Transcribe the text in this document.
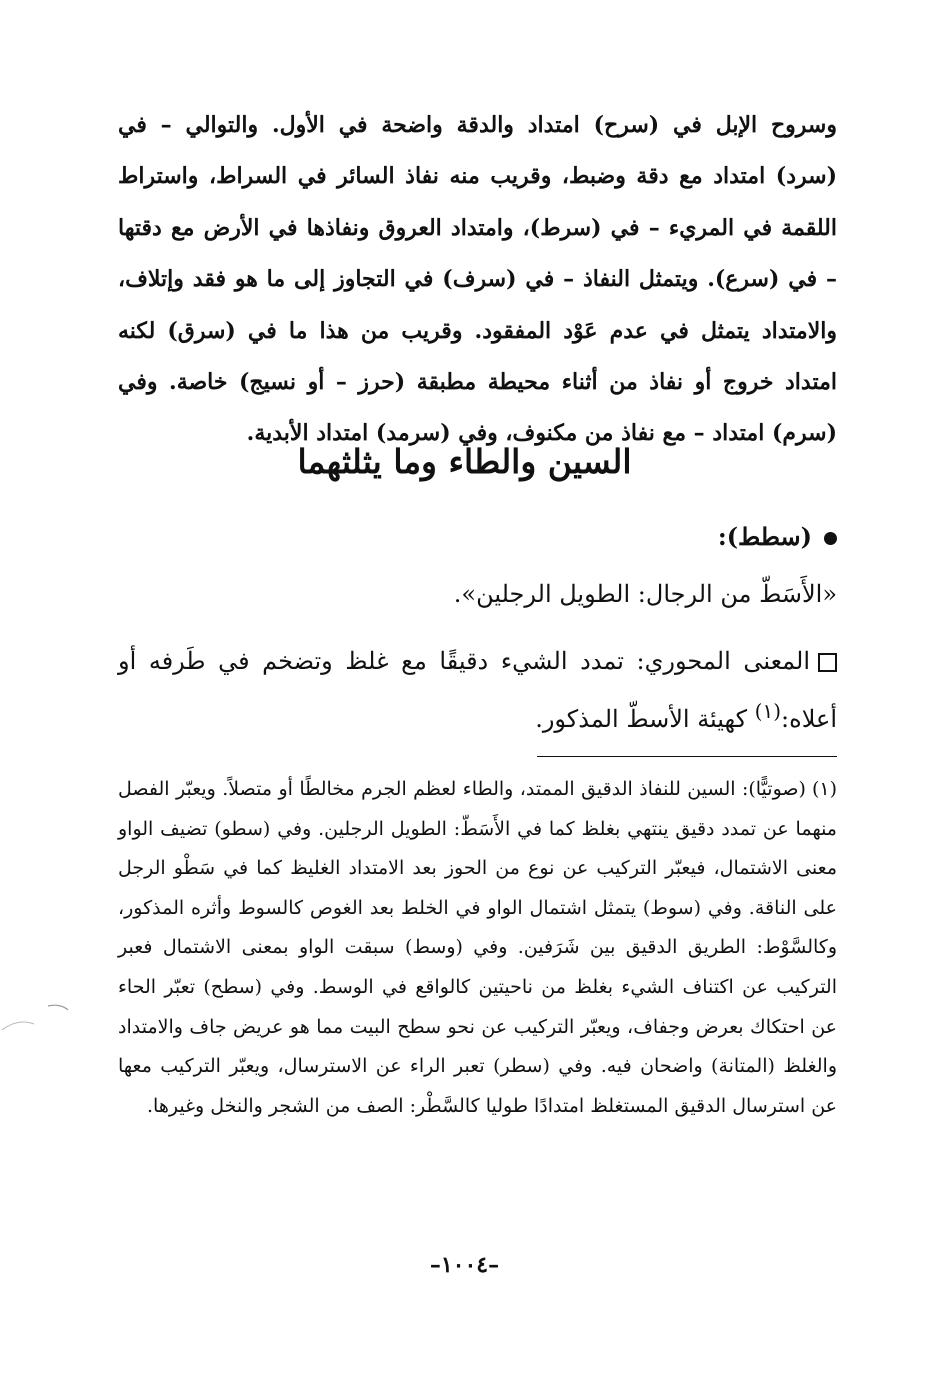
وسروح الإبل في (سرح) امتداد والدقة واضحة في الأول. والتوالي – في (سرد) امتداد مع دقة وضبط، وقريب منه نفاذ السائر في السراط، واستراط اللقمة في المريء – في (سرط)، وامتداد العروق ونفاذها في الأرض مع دقتها – في (سرع). ويتمثل النفاذ – في (سرف) في التجاوز إلى ما هو فقد وإتلاف، والامتداد يتمثل في عدم عَوْد المفقود. وقريب من هذا ما في (سرق) لكنه امتداد خروج أو نفاذ من أثناء محيطة مطبقة (حرز – أو نسيج) خاصة. وفي (سرم) امتداد – مع نفاذ من مكنوف، وفي (سرمد) امتداد الأبدية.

السين والطاء وما يثلثهما

(سطط):

«الأَسَطّ من الرجال: الطويل الرجلين».

المعنى المحوري: تمدد الشيء دقيقًا مع غلظ وتضخم في طَرفه أو أعلاه:$^{(١)}$ كهيئة الأسطّ المذكور.

(١)(صوتيًّا): السين للنفاذ الدقيق الممتد، والطاء لعظم الجرم مخالطًا أو متصلاً. ويعبّر الفصل منهما عن تمدد دقيق ينتهي بغلظ كما في الأَسَطّ: الطويل الرجلين. وفي (سطو) تضيف الواو معنى الاشتمال، فيعبّر التركيب عن نوع من الحوز بعد الامتداد الغليظ كما في سَطْو الرجل على الناقة. وفي (سوط) يتمثل اشتمال الواو في الخلط بعد الغوص كالسوط وأثره المذكور، وكالسَّوْط: الطريق الدقيق بين شَرَفين. وفي (وسط) سبقت الواو بمعنى الاشتمال فعبر التركيب عن اكتناف الشيء بغلظ من ناحيتين كالواقع في الوسط. وفي (سطح) تعبّر الحاء عن احتكاك بعرض وجفاف، ويعبّر التركيب عن نحو سطح البيت مما هو عريض جاف والامتداد والغلظ (المتانة) واضحان فيه. وفي (سطر) تعبر الراء عن الاسترسال، ويعبّر التركيب معها عن استرسال الدقيق المستغلظ امتدادًا طوليا كالسَّطْر: الصف من الشجر والنخل وغيرها.

–١٠٠٤–
